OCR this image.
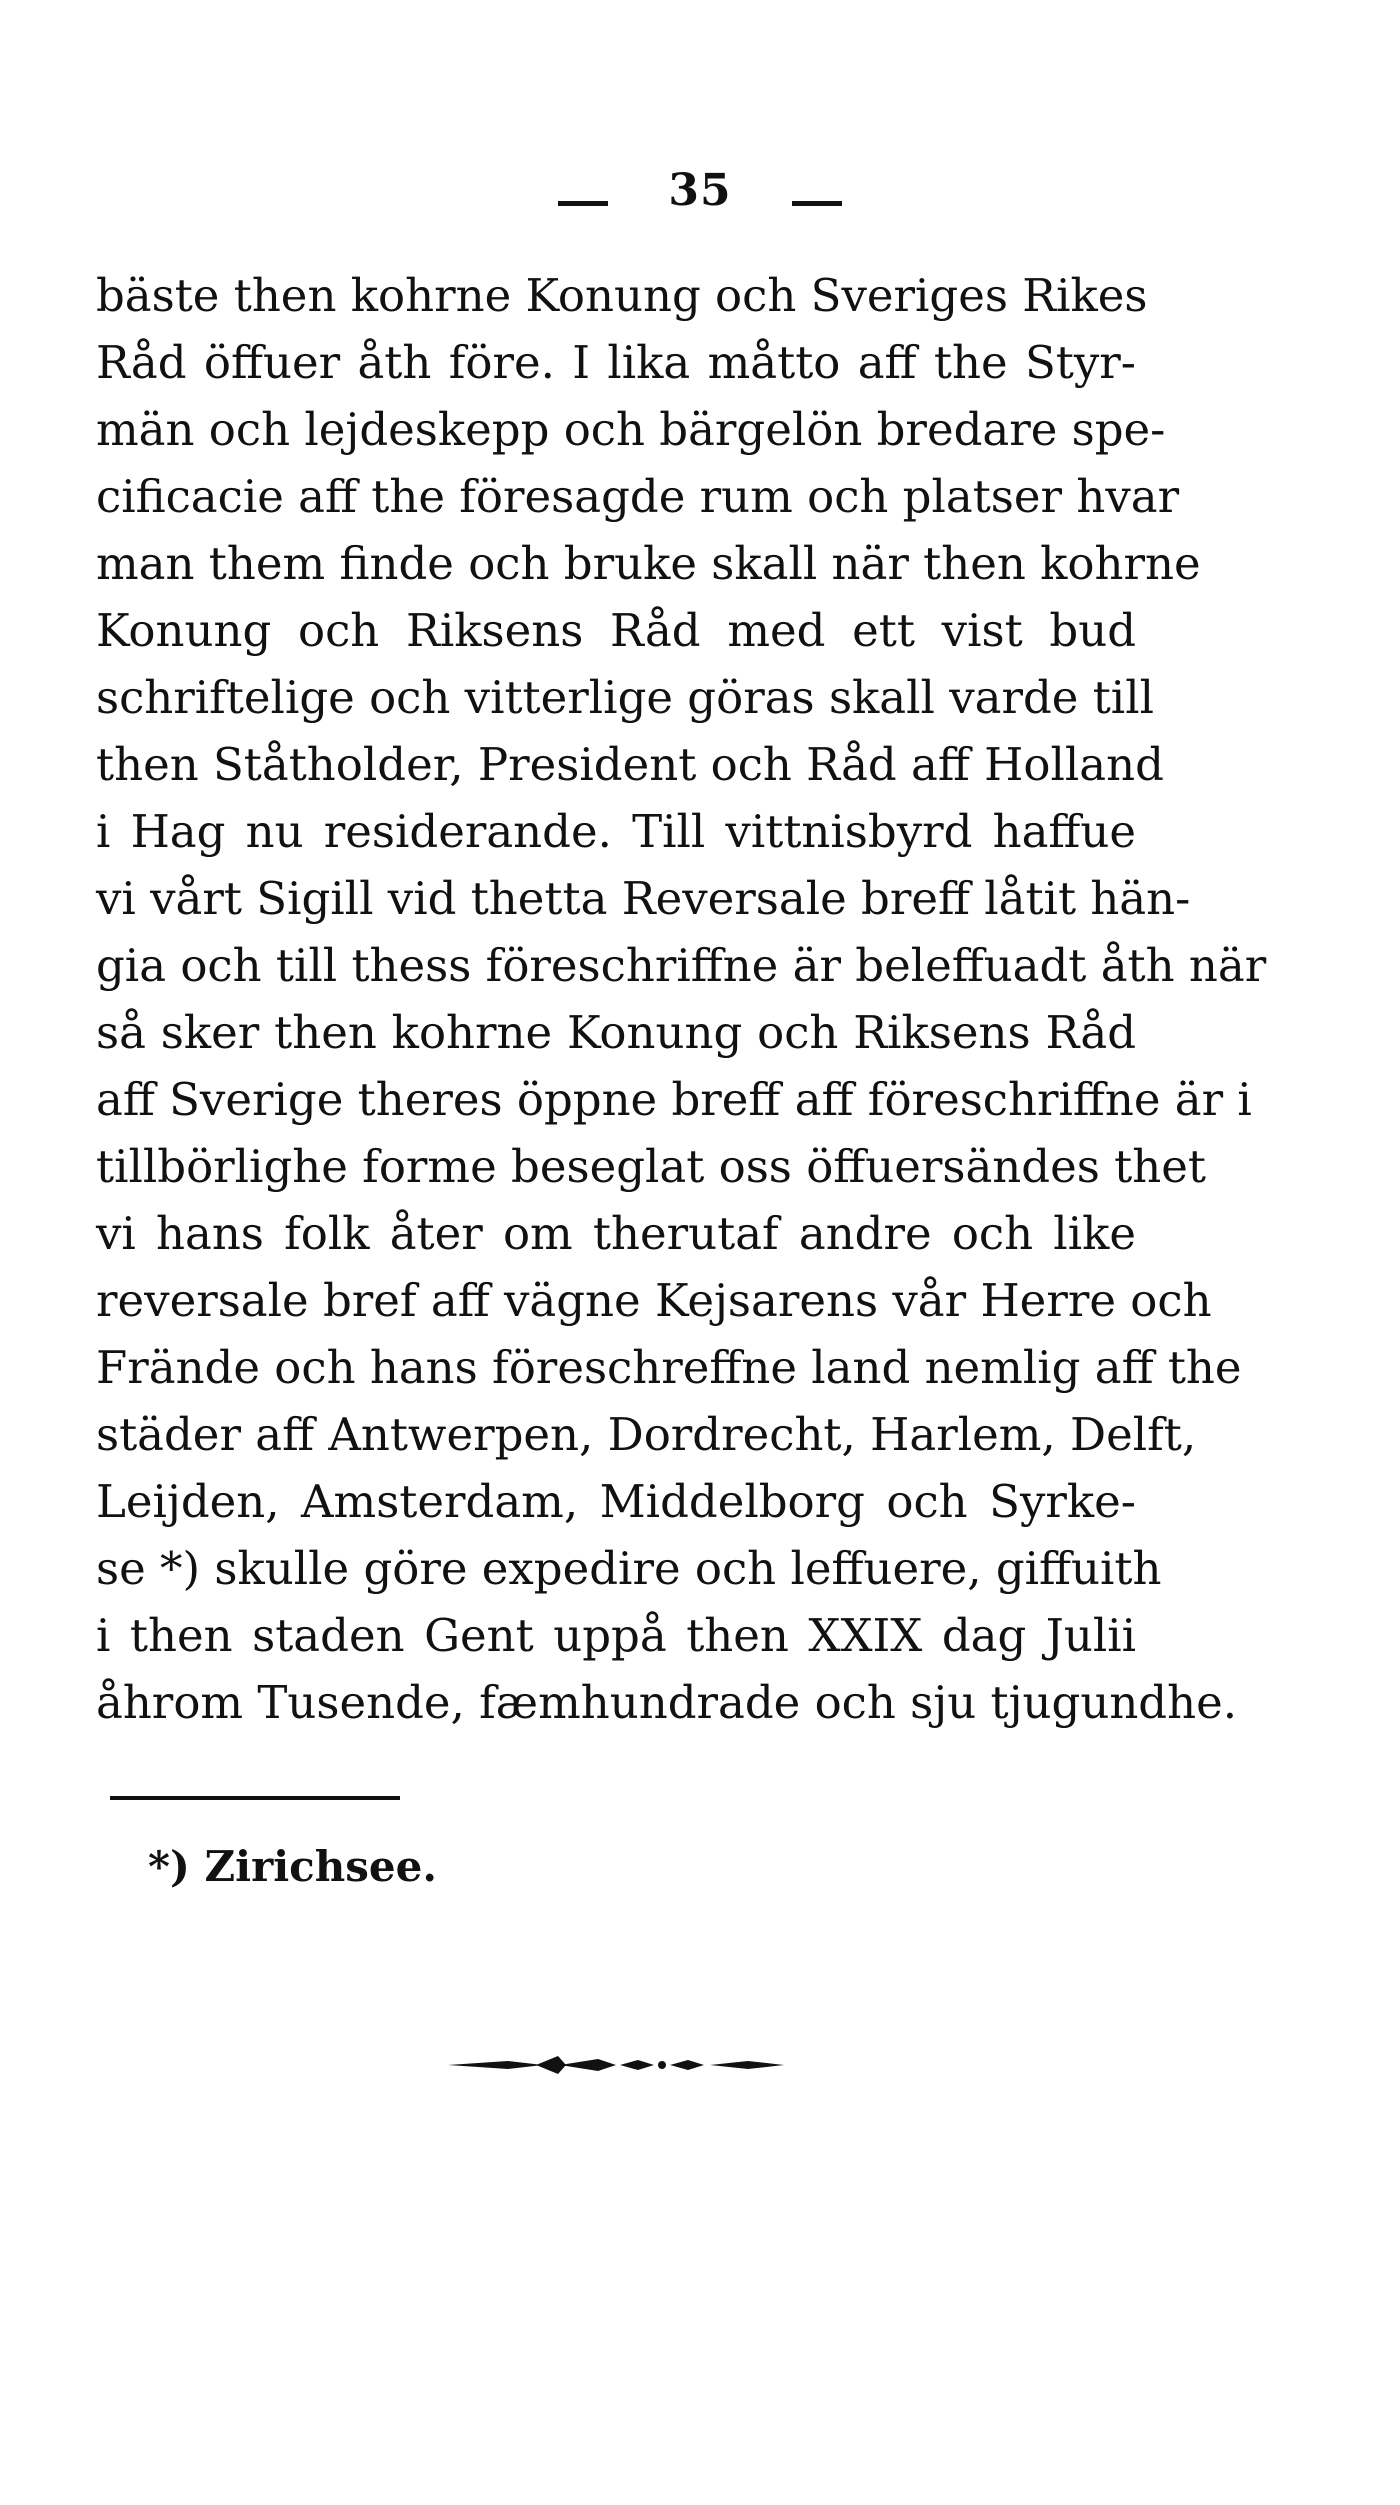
35
bäste then kohrne Konung och Sveriges Rikes
Råd öffuer åth före. I lika måtto aff the Styr-
män och lejdeskepp och bärgelön bredare spe-
cificacie aff the föresagde rum och platser hvar
man them finde och bruke skall när then kohrne
Konung och Riksens Råd med ett vist bud
schriftelige och vitterlige göras skall varde till
then Ståtholder, President och Råd aff Holland
i Hag nu residerande. Till vittnisbyrd haffue
vi vårt Sigill vid thetta Reversale breff låtit hän-
gia och till thess föreschriffne är beleffuadt åth när
så sker then kohrne Konung och Riksens Råd
aff Sverige theres öppne breff aff föreschriffne är i
tillbörlighe forme beseglat oss öffuersändes thet
vi hans folk åter om therutaf andre och like
reversale bref aff vägne Kejsarens vår Herre och
Frände och hans föreschreffne land nemlig aff the
städer aff Antwerpen, Dordrecht, Harlem, Delft,
Leijden, Amsterdam, Middelborg och Syrke-
se *) skulle göre expedire och leffuere, giffuith
i then staden Gent uppå then XXIX dag Julii
åhrom Tusende, fæmhundrade och sju tjugundhe.
*) Zirichsee.
